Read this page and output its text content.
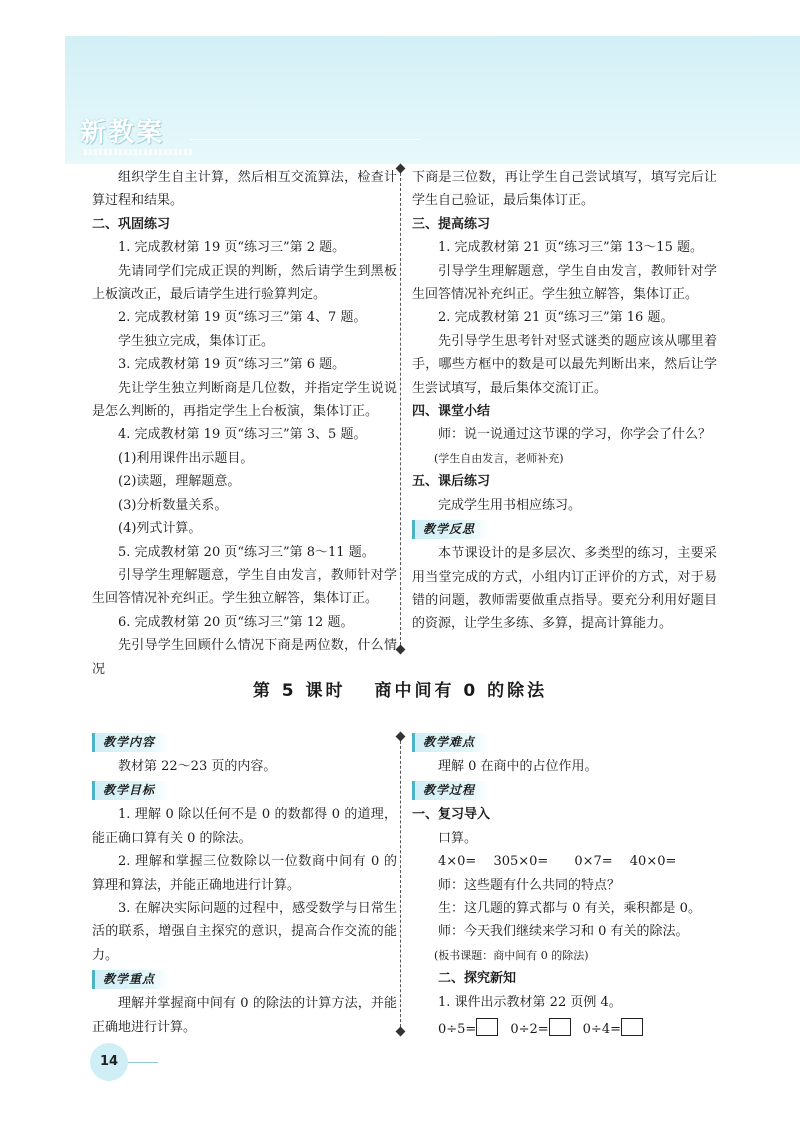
新教案

组织学生自主计算，然后相互交流算法，检查计算过程和结果。

二、巩固练习

1. 完成教材第 19 页“练习三”第 2 题。

先请同学们完成正误的判断，然后请学生到黑板上板演改正，最后请学生进行验算判定。

2. 完成教材第 19 页“练习三”第 4、7 题。

学生独立完成，集体订正。

3. 完成教材第 19 页“练习三”第 6 题。

先让学生独立判断商是几位数，并指定学生说说是怎么判断的，再指定学生上台板演，集体订正。

4. 完成教材第 19 页“练习三”第 3、5 题。

(1)利用课件出示题目。

(2)读题，理解题意。

(3)分析数量关系。

(4)列式计算。

5. 完成教材第 20 页“练习三”第 8～11 题。

引导学生理解题意，学生自由发言，教师针对学生回答情况补充纠正。学生独立解答，集体订正。

6. 完成教材第 20 页“练习三”第 12 题。

先引导学生回顾什么情况下商是两位数，什么情况

下商是三位数，再让学生自己尝试填写，填写完后让学生自己验证，最后集体订正。

三、提高练习

1. 完成教材第 21 页“练习三”第 13～15 题。

引导学生理解题意，学生自由发言，教师针对学生回答情况补充纠正。学生独立解答，集体订正。

2. 完成教材第 21 页“练习三”第 16 题。

先引导学生思考针对竖式谜类的题应该从哪里着手，哪些方框中的数是可以最先判断出来，然后让学生尝试填写，最后集体交流订正。

四、课堂小结

师：说一说通过这节课的学习，你学会了什么？

(学生自由发言，老师补充)

五、课后练习

完成学生用书相应练习。

教学反思

本节课设计的是多层次、多类型的练习，主要采用当堂完成的方式，小组内订正评价的方式，对于易错的问题，教师需要做重点指导。要充分利用好题目的资源，让学生多练、多算，提高计算能力。

第 5 课时　 商中间有 0 的除法

教学内容

教材第 22～23 页的内容。

教学目标

1. 理解 0 除以任何不是 0 的数都得 0 的道理，能正确口算有关 0 的除法。

2. 理解和掌握三位数除以一位数商中间有 0 的算理和算法，并能正确地进行计算。

3. 在解决实际问题的过程中，感受数学与日常生活的联系，增强自主探究的意识，提高合作交流的能力。

教学重点

理解并掌握商中间有 0 的除法的计算方法，并能正确地进行计算。

教学难点

理解 0 在商中的占位作用。

教学过程

一、复习导入

口算。

4×0=　 305×0=　　0×7=　 40×0=

师：这些题有什么共同的特点？

生：这几题的算式都与 0 有关，乘积都是 0。

师：今天我们继续来学习和 0 有关的除法。

(板书课题：商中间有 0 的除法)

二、探究新知

1. 课件出示教材第 22 页例 4。

0÷5=	0÷2=	0÷4=

14
